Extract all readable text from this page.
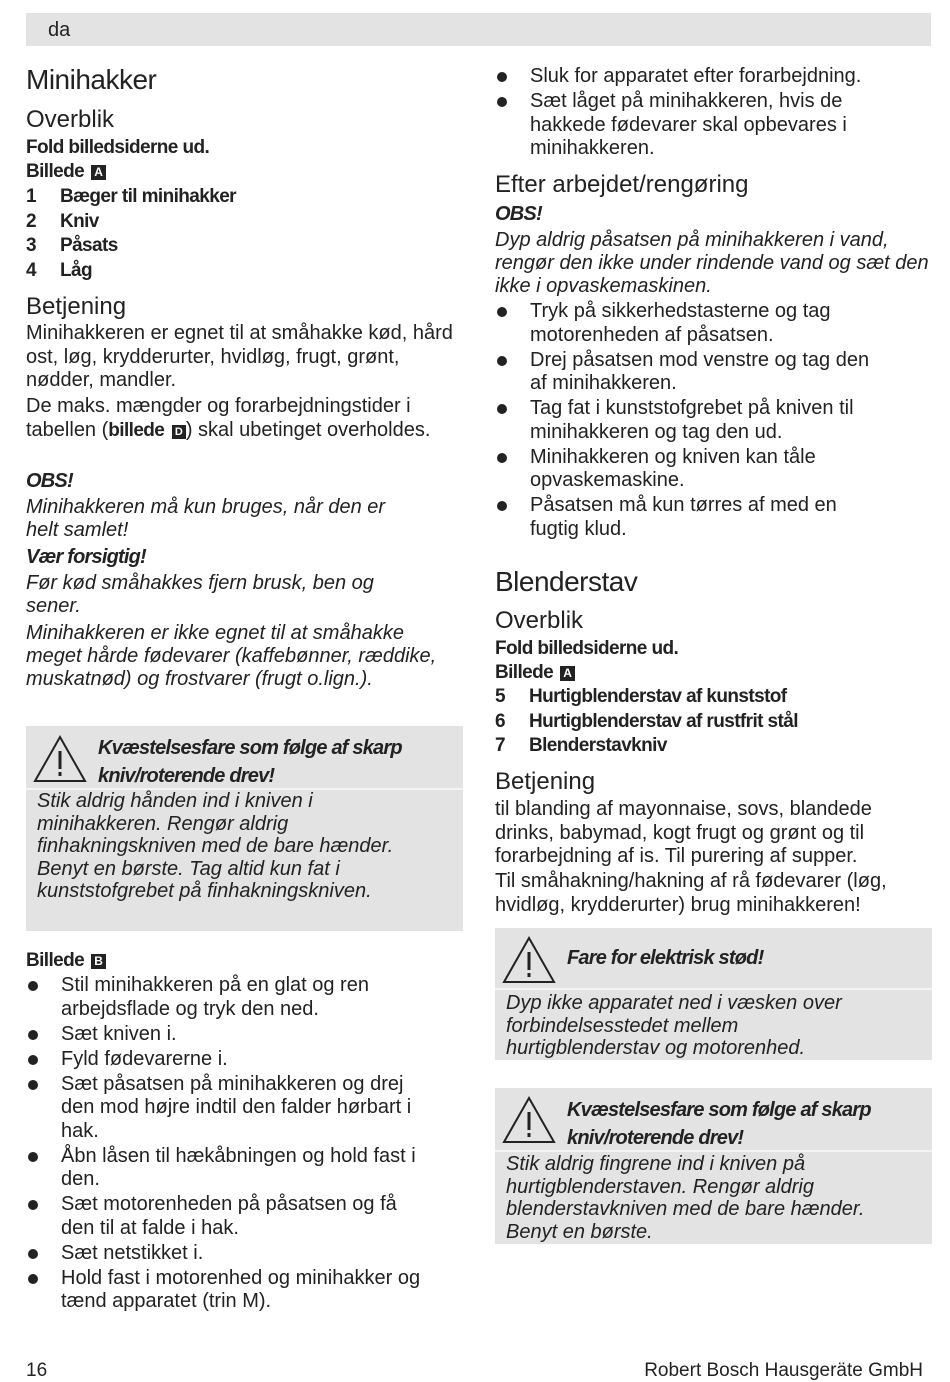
da
Minihakker
Overblik
Fold billedsiderne ud.
Billede A
1 Bæger til minihakker
2 Kniv
3 Påsats
4 Låg
Betjening
Minihakkeren er egnet til at småhakke kød, hård ost, løg, krydderurter, hvidløg, frugt, grønt, nødder, mandler.
De maks. mængder og forarbejdningstider i tabellen (billede D ) skal ubetinget overholdes.
OBS!
Minihakkeren må kun bruges, når den er helt samlet!
Vær forsigtig!
Før kød småhakkes fjern brusk, ben og sener.
Minihakkeren er ikke egnet til at småhakke meget hårde fødevarer (kaffebønner, ræddike, muskatnød) og frostvarer (frugt o.lign.).
Kvæstelsesfare som følge af skarp kniv/roterende drev!
Stik aldrig hånden ind i kniven i minihakkeren. Rengør aldrig finhakningskniven med de bare hænder. Benyt en børste. Tag altid kun fat i kunststofgrebet på finhakningskniven.
Billede B
Stil minihakkeren på en glat og ren arbejdsflade og tryk den ned.
Sæt kniven i.
Fyld fødevarerne i.
Sæt påsatsen på minihakkeren og drej den mod højre indtil den falder hørbart i hak.
Åbn låsen til hækåbningen og hold fast i den.
Sæt motorenheden på påsatsen og få den til at falde i hak.
Sæt netstikket i.
Hold fast i motorenhed og minihakker og tænd apparatet (trin M).
Sluk for apparatet efter forarbejdning.
Sæt låget på minihakkeren, hvis de hakkede fødevarer skal opbevares i minihakkeren.
Efter arbejdet/rengøring
OBS!
Dyp aldrig påsatsen på minihakkeren i vand, rengør den ikke under rindende vand og sæt den ikke i opvaskemaskinen.
Tryk på sikkerhedstasterne og tag motorenheden af påsatsen.
Drej påsatsen mod venstre og tag den af minihakkeren.
Tag fat i kunststofgrebet på kniven til minihakkeren og tag den ud.
Minihakkeren og kniven kan tåle opvaskemaskine.
Påsatsen må kun tørres af med en fugtig klud.
Blenderstav
Overblik
Fold billedsiderne ud.
Billede A
5 Hurtigblenderstav af kunststof
6 Hurtigblenderstav af rustfrit stål
7 Blenderstavkniv
Betjening
til blanding af mayonnaise, sovs, blandede drinks, babymad, kogt frugt og grønt og til forarbejdning af is. Til purering af supper.
Til småhakning/hakning af rå fødevarer (løg, hvidløg, krydderurter) brug minihakkeren!
Fare for elektrisk stød!
Dyp ikke apparatet ned i væsken over forbindelsesstedet mellem hurtigblenderstav og motorenhed.
Kvæstelsesfare som følge af skarp kniv/roterende drev!
Stik aldrig fingrene ind i kniven på hurtigblenderstaven. Rengør aldrig blenderstavkniven med de bare hænder. Benyt en børste.
16	Robert Bosch Hausgeräte GmbH
